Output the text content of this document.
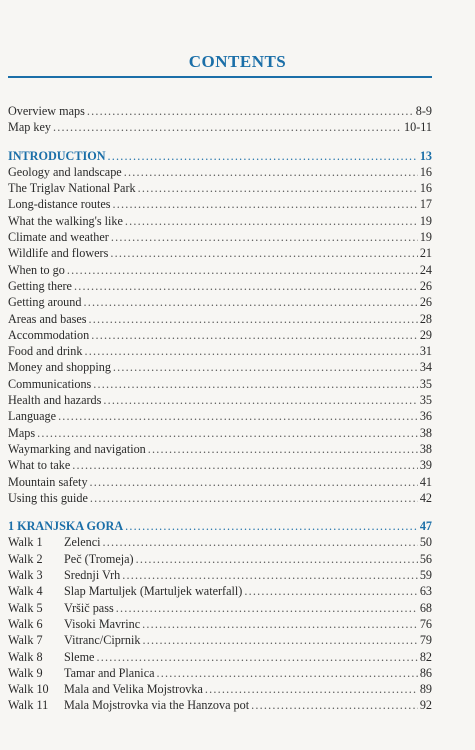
CONTENTS
Overview maps .....	8-9
Map key .....	10-11
INTRODUCTION .....	13
Geology and landscape .....	16
The Triglav National Park .....	16
Long-distance routes .....	17
What the walking's like .....	19
Climate and weather .....	19
Wildlife and flowers .....	21
When to go .....	24
Getting there .....	26
Getting around .....	26
Areas and bases .....	28
Accommodation .....	29
Food and drink .....	31
Money and shopping .....	34
Communications .....	35
Health and hazards .....	35
Language .....	36
Maps .....	38
Waymarking and navigation .....	38
What to take .....	39
Mountain safety .....	41
Using this guide .....	42
1 KRANJSKA GORA .....	47
Walk 1	Zelenci .....	50
Walk 2	Peč (Tromeja) .....	56
Walk 3	Srednji Vrh .....	59
Walk 4	Slap Martuljek (Martuljek waterfall) .....	63
Walk 5	Vršič pass .....	68
Walk 6	Visoki Mavrinc .....	76
Walk 7	Vitranc/Ciprnik .....	79
Walk 8	Sleme .....	82
Walk 9	Tamar and Planica .....	86
Walk 10	Mala and Velika Mojstrovka .....	89
Walk 11	Mala Mojstrovka via the Hanzova pot .....	92
